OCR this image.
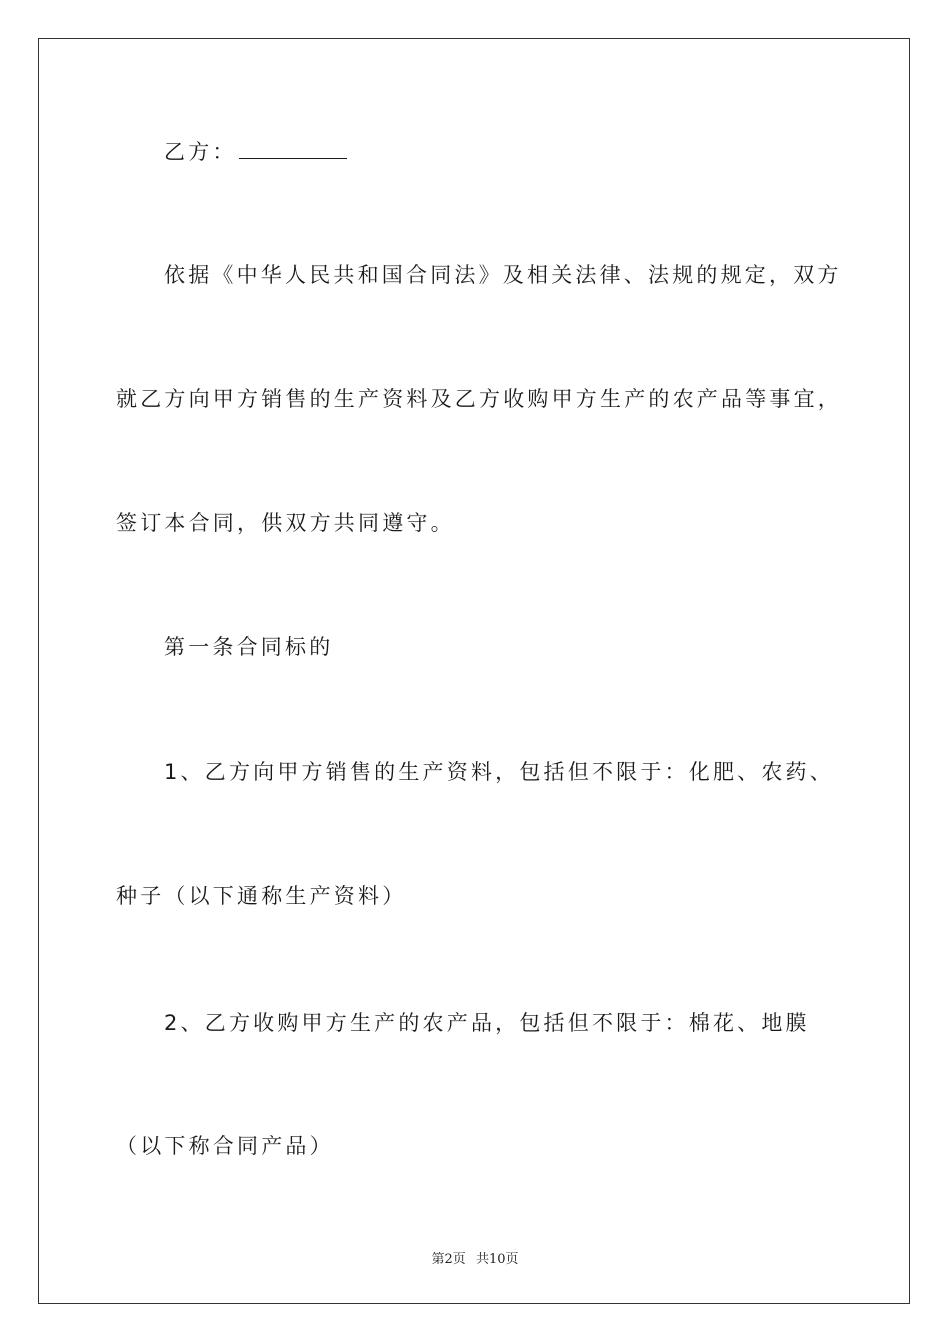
乙方：
依据《中华人民共和国合同法》及相关法律、法规的规定，双方
就乙方向甲方销售的生产资料及乙方收购甲方生产的农产品等事宜，
签订本合同，供双方共同遵守。
第一条合同标的
1、乙方向甲方销售的生产资料，包括但不限于：化肥、农药、
种子（以下通称生产资料）
2、乙方收购甲方生产的农产品，包括但不限于：棉花、地膜
（以下称合同产品）
第2页 共10页
